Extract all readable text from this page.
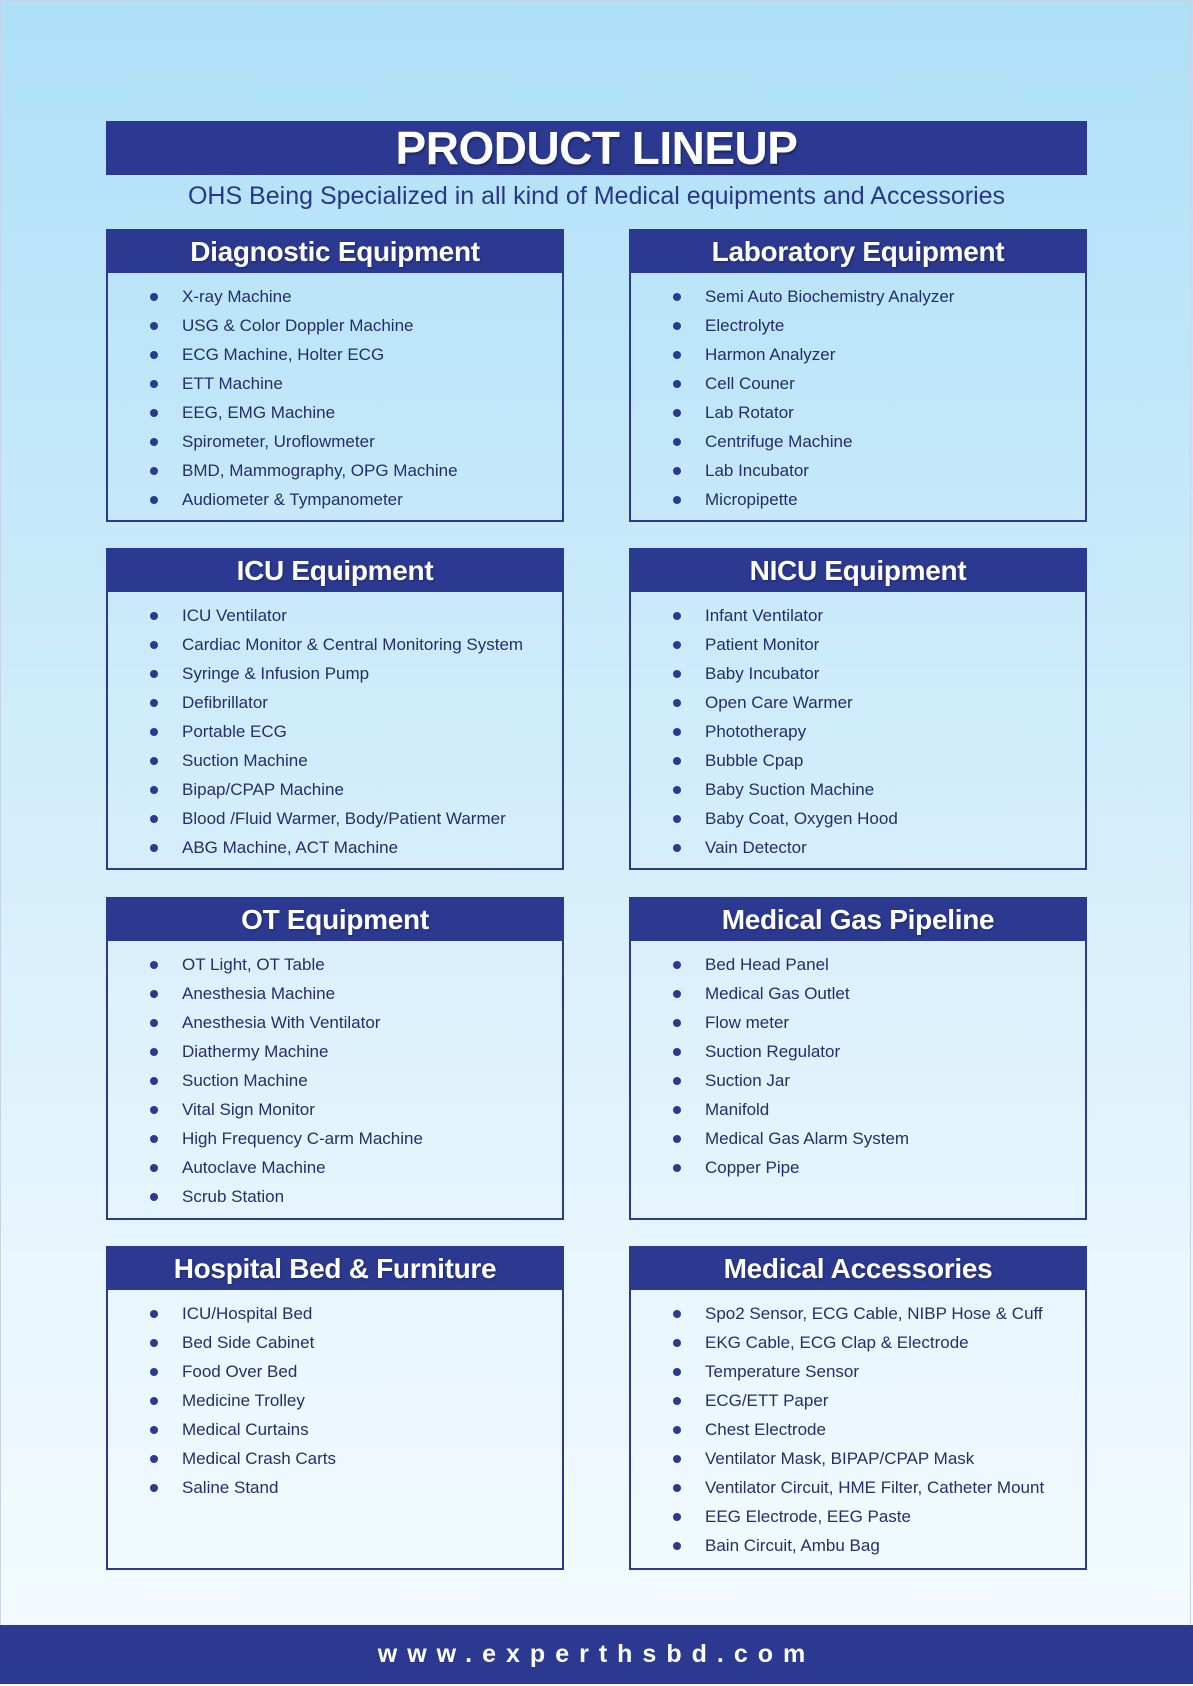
PRODUCT LINEUP
OHS Being Specialized in all kind of Medical equipments and Accessories
Diagnostic Equipment
X-ray Machine
USG & Color Doppler Machine
ECG Machine, Holter ECG
ETT Machine
EEG, EMG Machine
Spirometer, Uroflowmeter
BMD, Mammography, OPG Machine
Audiometer & Tympanometer
Laboratory Equipment
Semi Auto Biochemistry Analyzer
Electrolyte
Harmon Analyzer
Cell Couner
Lab Rotator
Centrifuge Machine
Lab Incubator
Micropipette
ICU Equipment
ICU Ventilator
Cardiac Monitor & Central Monitoring System
Syringe & Infusion Pump
Defibrillator
Portable ECG
Suction Machine
Bipap/CPAP Machine
Blood /Fluid Warmer, Body/Patient Warmer
ABG Machine, ACT Machine
NICU Equipment
Infant Ventilator
Patient Monitor
Baby Incubator
Open Care Warmer
Phototherapy
Bubble Cpap
Baby Suction Machine
Baby Coat, Oxygen Hood
Vain Detector
OT Equipment
OT Light, OT Table
Anesthesia Machine
Anesthesia With Ventilator
Diathermy Machine
Suction Machine
Vital Sign Monitor
High Frequency C-arm Machine
Autoclave Machine
Scrub Station
Medical Gas Pipeline
Bed Head Panel
Medical Gas Outlet
Flow meter
Suction Regulator
Suction Jar
Manifold
Medical Gas Alarm System
Copper Pipe
Hospital Bed & Furniture
ICU/Hospital Bed
Bed Side Cabinet
Food Over Bed
Medicine Trolley
Medical Curtains
Medical Crash Carts
Saline Stand
Medical Accessories
Spo2 Sensor, ECG Cable, NIBP Hose & Cuff
EKG Cable, ECG Clap & Electrode
Temperature Sensor
ECG/ETT Paper
Chest Electrode
Ventilator Mask, BIPAP/CPAP Mask
Ventilator Circuit, HME Filter, Catheter Mount
EEG Electrode, EEG Paste
Bain Circuit, Ambu Bag
www.experthsbd.com
